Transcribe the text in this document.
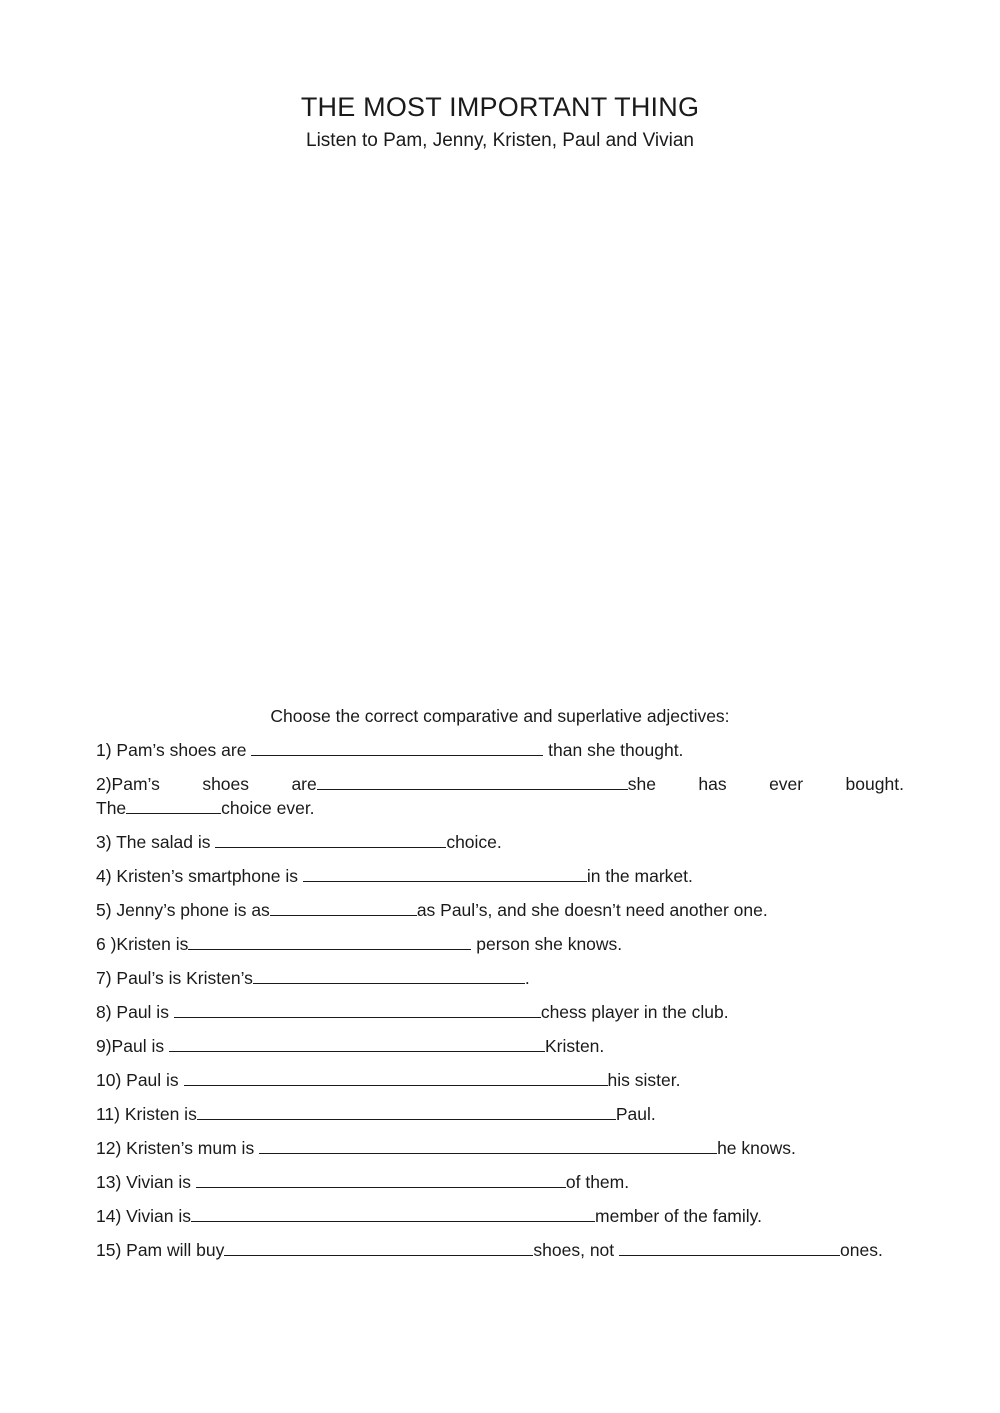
THE MOST IMPORTANT THING

Listen to Pam, Jenny, Kristen, Paul and Vivian

Choose the correct comparative and superlative adjectives:
1) Pam’s shoes are	than she thought.
2)Pam’s shoes are	she has ever bought.
The	choice ever.
3) The salad is	choice.
4) Kristen’s smartphone is	in the market.
5) Jenny’s phone is as	as Paul’s, and she doesn’t need another one.
6 )Kristen is	person she knows.
7) Paul’s is Kristen’s	.
8) Paul is	chess player in the club.
9)Paul is	Kristen.
10) Paul is	his sister.
11) Kristen is	Paul.
12) Kristen’s mum is	he knows.
13) Vivian is	of them.
14) Vivian is	member of the family.
15) Pam will buy	shoes, not	ones.
